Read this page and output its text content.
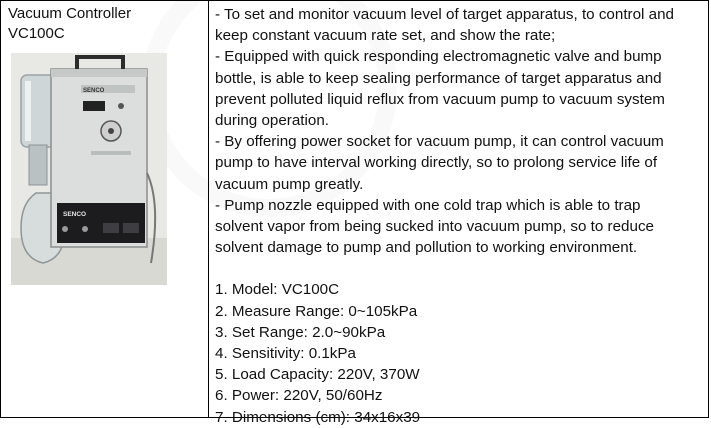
Vacuum Controller
VC100C
SENCO
SENCO

- To set and monitor vacuum level of target apparatus, to control and

keep constant vacuum rate set, and show the rate;

- Equipped with quick responding electromagnetic valve and bump

bottle, is able to keep sealing performance of target apparatus and

prevent polluted liquid reflux from vacuum pump to vacuum system

during operation.

- By offering power socket for vacuum pump, it can control vacuum

pump to have interval working directly, so to prolong service life of

vacuum pump greatly.

- Pump nozzle equipped with one cold trap which is able to trap

solvent vapor from being sucked into vacuum pump, so to reduce

solvent damage to pump and pollution to working environment.

1. Model: VC100C

2. Measure Range: 0~105kPa

3. Set Range: 2.0~90kPa

4. Sensitivity: 0.1kPa

5. Load Capacity: 220V, 370W

6. Power: 220V, 50/60Hz

7. Dimensions (cm): 34x16x39
